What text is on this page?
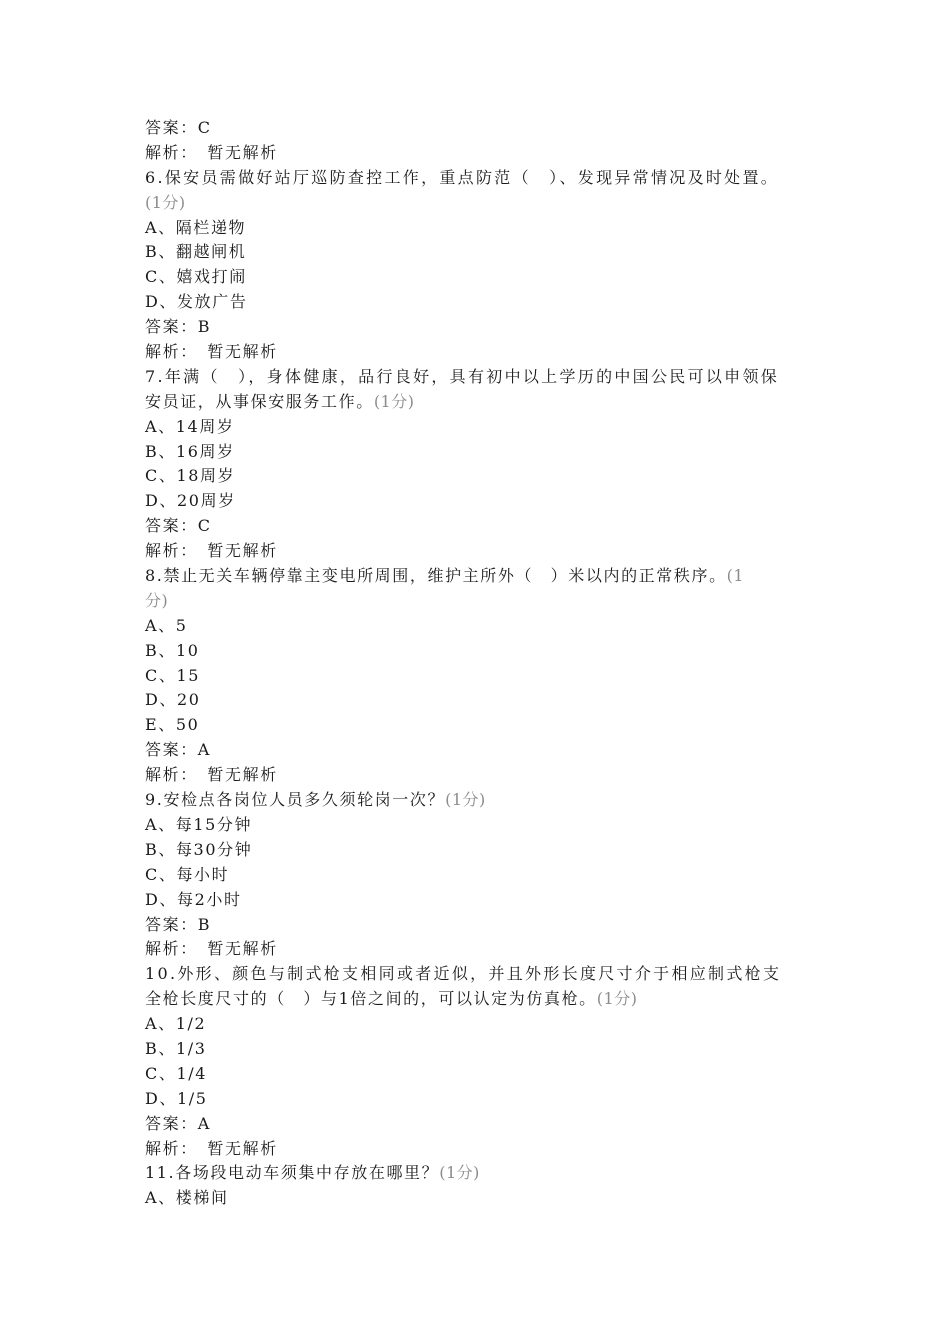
答案：C
解析：　暂无解析
6.保安员需做好站厅巡防查控工作，重点防范（　）、发现异常情况及时处置。
(1分)
A、隔栏递物
B、翻越闸机
C、嬉戏打闹
D、发放广告
答案：B
解析：　暂无解析
7.年满（　），身体健康，品行良好，具有初中以上学历的中国公民可以申领保
安员证，从事保安服务工作。(1分)
A、14周岁
B、16周岁
C、18周岁
D、20周岁
答案：C
解析：　暂无解析
8.禁止无关车辆停靠主变电所周围，维护主所外（　）米以内的正常秩序。(1
分)
A、5
B、10
C、15
D、20
E、50
答案：A
解析：　暂无解析
9.安检点各岗位人员多久须轮岗一次？(1分)
A、每15分钟
B、每30分钟
C、每小时
D、每2小时
答案：B
解析：　暂无解析
10.外形、颜色与制式枪支相同或者近似，并且外形长度尺寸介于相应制式枪支
全枪长度尺寸的（　）与1倍之间的，可以认定为仿真枪。(1分)
A、1/2
B、1/3
C、1/4
D、1/5
答案：A
解析：　暂无解析
11.各场段电动车须集中存放在哪里？(1分)
A、楼梯间
